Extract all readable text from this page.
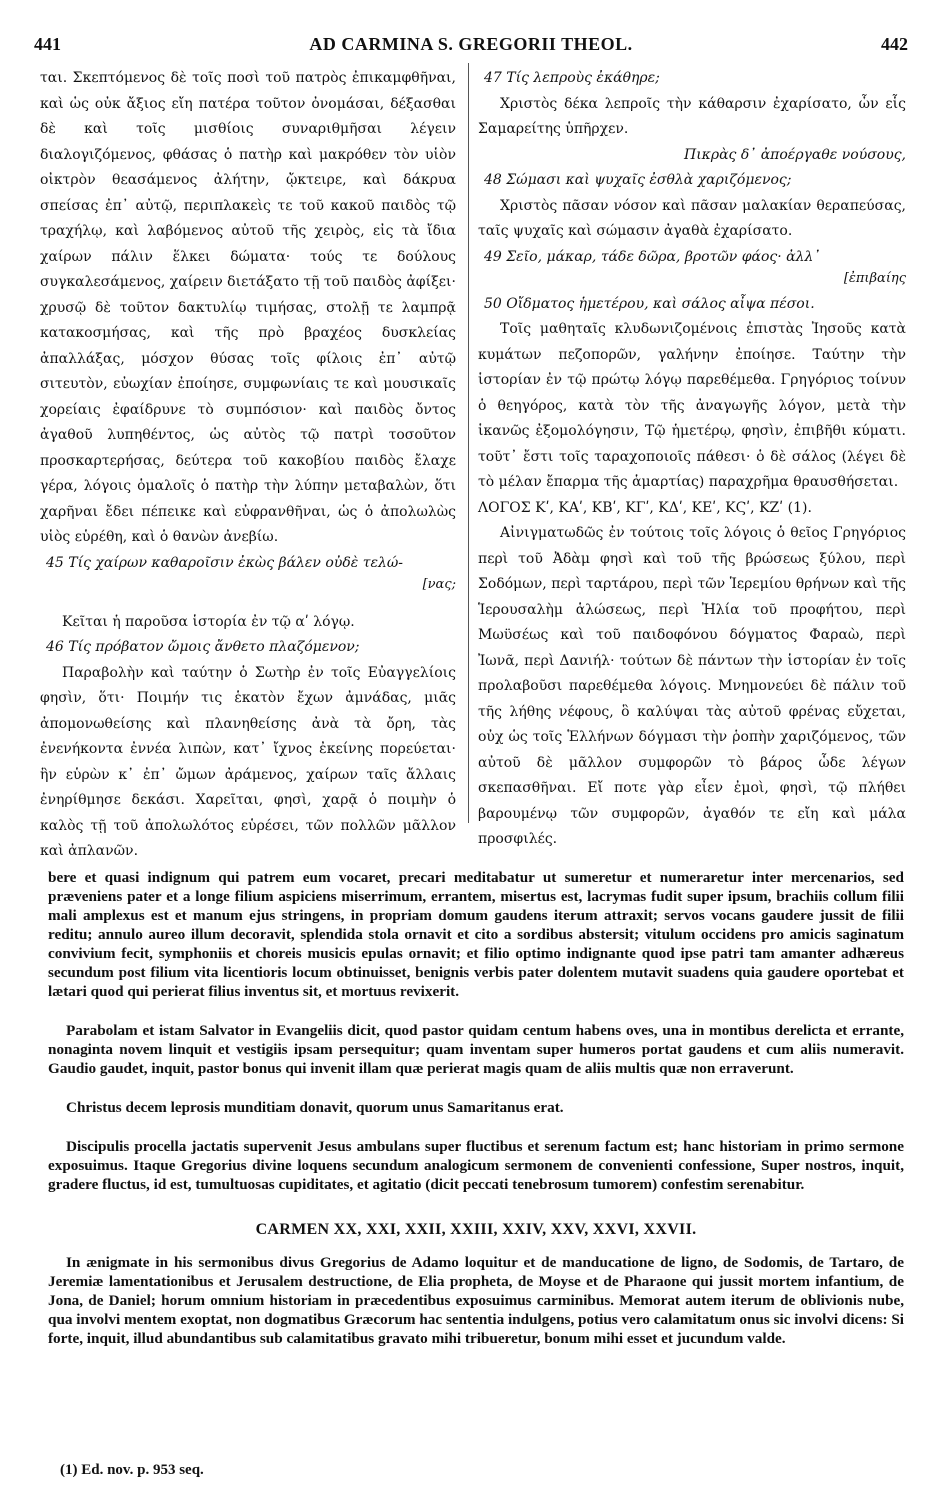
441	AD CARMINA S. GREGORII THEOL.	442

ται. Σκεπτόμενος δὲ τοῖς ποσὶ τοῦ πατρὸς ἐπικαμφθῆναι, καὶ ὡς οὐκ ἄξιος εἴη πατέρα τοῦτον ὀνομάσαι, δέξασθαι δὲ καὶ τοῖς μισθίοις συναριθμῆσαι λέγειν διαλογιζόμενος, φθάσας ὁ πατὴρ καὶ μακρόθεν τὸν υἱὸν οἰκτρὸν θεασάμενος ἀλήτην, ᾤκτειρε, καὶ δάκρυα σπείσας ἐπ᾽ αὐτῷ, περιπλακεὶς τε τοῦ κακοῦ παιδὸς τῷ τραχήλῳ, καὶ λαβόμενος αὐτοῦ τῆς χειρὸς, εἰς τὰ ἴδια χαίρων πάλιν ἕλκει δώματα· τούς τε δούλους συγκαλεσάμενος, χαίρειν διετάξατο τῇ τοῦ παιδὸς ἀφίξει· χρυσῷ δὲ τοῦτον δακτυλίῳ τιμήσας, στολῇ τε λαμπρᾷ κατακοσμήσας, καὶ τῆς πρὸ βραχέος δυσκλείας ἀπαλλάξας, μόσχον θύσας τοῖς φίλοις ἐπ᾽ αὐτῷ σιτευτὸν, εὐωχίαν ἐποίησε, συμφωνίαις τε καὶ μουσικαῖς χορείαις ἐφαίδρυνε τὸ συμπόσιον· καὶ παιδὸς ὄντος ἀγαθοῦ λυπηθέντος, ὡς αὐτὸς τῷ πατρὶ τοσοῦτον προσκαρτερήσας, δεύτερα τοῦ κακοβίου παιδὸς ἔλαχε γέρα, λόγοις ὁμαλοῖς ὁ πατὴρ τὴν λύπην μεταβαλὼν, ὅτι χαρῆναι ἔδει πέπεικε καὶ εὐφρανθῆναι, ὡς ὁ ἀπολωλὼς υἱὸς εὑρέθη, καὶ ὁ θανὼν ἀνεβίω.

45 Τίς χαίρων καθαροῖσιν ἐκὼς βάλεν οὐδὲ τελώ-

[νας;

Κεῖται ἡ παροῦσα ἱστορία ἐν τῷ αʹ λόγῳ.

46 Τίς πρόβατον ὤμοις ἄνθετο πλαζόμενον;

Παραβολὴν καὶ ταύτην ὁ Σωτὴρ ἐν τοῖς Εὐαγγελίοις φησὶν, ὅτι· Ποιμήν τις ἑκατὸν ἔχων ἀμνάδας, μιᾶς ἀπομονωθείσης καὶ πλανηθείσης ἀνὰ τὰ ὄρη, τὰς ἐνενήκοντα ἐννέα λιπὼν, κατ᾽ ἴχνος ἐκείνης πορεύεται· ἣν εὑρὼν κ᾽ ἐπ᾽ ὤμων ἀράμενος, χαίρων ταῖς ἄλλαις ἐνηρίθμησε δεκάσι. Χαρεῖται, φησὶ, χαρᾷ ὁ ποιμὴν ὁ καλὸς τῇ τοῦ ἀπολωλότος εὑρέσει, τῶν πολλῶν μᾶλλον καὶ ἀπλανῶν.

47 Τίς λεπροὺς ἐκάθηρε;

Χριστὸς δέκα λεπροῖς τὴν κάθαρσιν ἐχαρίσατο, ὧν εἷς Σαμαρείτης ὑπῆρχεν.

Πικρὰς δ᾽ ἀποέργαθε νούσους,

48 Σώμασι καὶ ψυχαῖς ἐσθλὰ χαριζόμενος;

Χριστὸς πᾶσαν νόσον καὶ πᾶσαν μαλακίαν θεραπεύσας, ταῖς ψυχαῖς καὶ σώμασιν ἀγαθὰ ἐχαρίσατο.

49 Σεῖο, μάκαρ, τάδε δῶρα, βροτῶν φάος· ἀλλ᾽

[ἐπιβαίης

50 Οἴδματος ἡμετέρου, καὶ σάλος αἶψα πέσοι.

Τοῖς μαθηταῖς κλυδωνιζομένοις ἐπιστὰς Ἰησοῦς κατὰ κυμάτων πεζοπορῶν, γαλήνην ἐποίησε. Ταύτην τὴν ἱστορίαν ἐν τῷ πρώτῳ λόγῳ παρεθέμεθα. Γρηγόριος τοίνυν ὁ θεηγόρος, κατὰ τὸν τῆς ἀναγωγῆς λόγον, μετὰ τὴν ἱκανῶς ἐξομολόγησιν, Τῷ ἡμετέρῳ, φησὶν, ἐπιβῆθι κύματι. τοῦτ᾽ ἔστι τοῖς ταραχοποιοῖς πάθεσι· ὁ δὲ σάλος (λέγει δὲ τὸ μέλαν ἔπαρμα τῆς ἁμαρτίας) παραχρῆμα θραυσθήσεται.

ΛΟΓΟΣ Κʹ, ΚΑʹ, ΚΒʹ, ΚΓʹ, ΚΔʹ, ΚΕʹ, ΚϚʹ, ΚΖʹ (1).

Αἰνιγματωδῶς ἐν τούτοις τοῖς λόγοις ὁ θεῖος Γρηγόριος περὶ τοῦ Ἀδὰμ φησὶ καὶ τοῦ τῆς βρώσεως ξύλου, περὶ Σοδόμων, περὶ ταρτάρου, περὶ τῶν Ἱερεμίου θρήνων καὶ τῆς Ἱερουσαλὴμ ἁλώσεως, περὶ Ἠλία τοῦ προφήτου, περὶ Μωϋσέως καὶ τοῦ παιδοφόνου δόγματος Φαραὼ, περὶ Ἰωνᾶ, περὶ Δανιήλ· τούτων δὲ πάντων τὴν ἱστορίαν ἐν τοῖς προλαβοῦσι παρεθέμεθα λόγοις. Μνημονεύει δὲ πάλιν τοῦ τῆς λήθης νέφους, ὃ καλύψαι τὰς αὐτοῦ φρένας εὔχεται, οὐχ ὡς τοῖς Ἑλλήνων δόγμασι τὴν ῥοπὴν χαριζόμενος, τῶν αὐτοῦ δὲ μᾶλλον συμφορῶν τὸ βάρος ὧδε λέγων σκεπασθῆναι. Εἴ ποτε γὰρ εἶεν ἐμοὶ, φησὶ, τῷ πλήθει βαρουμένῳ τῶν συμφορῶν, ἀγαθόν τε εἴη καὶ μάλα προσφιλές.

bere et quasi indignum qui patrem eum vocaret, precari meditabatur ut sumeretur et numeraretur inter mercenarios, sed præveniens pater et a longe filium aspiciens miserrimum, errantem, misertus est, lacrymas fudit super ipsum, brachiis collum filii mali amplexus est et manum ejus stringens, in propriam domum gaudens iterum attraxit; servos vocans gaudere jussit de filii reditu; annulo aureo illum decoravit, splendida stola ornavit et cito a sordibus abstersit; vitulum occidens pro amicis saginatum convivium fecit, symphoniis et choreis musicis epulas ornavit; et filio optimo indignante quod ipse patri tam amanter adhæreus secundum post filium vita licentioris locum obtinuisset, benignis verbis pater dolentem mutavit suadens quia gaudere oportebat et lætari quod qui perierat filius inventus sit, et mortuus revixerit.

Parabolam et istam Salvator in Evangeliis dicit, quod pastor quidam centum habens oves, una in montibus derelicta et errante, nonaginta novem linquit et vestigiis ipsam persequitur; quam inventam super humeros portat gaudens et cum aliis numeravit. Gaudio gaudet, inquit, pastor bonus qui invenit illam quæ perierat magis quam de aliis multis quæ non erraverunt.

Christus decem leprosis munditiam donavit, quorum unus Samaritanus erat.

Discipulis procella jactatis supervenit Jesus ambulans super fluctibus et serenum factum est; hanc historiam in primo sermone exposuimus. Itaque Gregorius divine loquens secundum analogicum sermonem de convenienti confessione, Super nostros, inquit, gradere fluctus, id est, tumultuosas cupiditates, et agitatio (dicit peccati tenebrosum tumorem) confestim serenabitur.

CARMEN XX, XXI, XXII, XXIII, XXIV, XXV, XXVI, XXVII.

In ænigmate in his sermonibus divus Gregorius de Adamo loquitur et de manducatione de ligno, de Sodomis, de Tartaro, de Jeremiæ lamentationibus et Jerusalem destructione, de Elia propheta, de Moyse et de Pharaone qui jussit mortem infantium, de Jona, de Daniel; horum omnium historiam in præcedentibus exposuimus carminibus. Memorat autem iterum de oblivionis nube, qua involvi mentem exoptat, non dogmatibus Græcorum hac sententia indulgens, potius vero calamitatum onus sic involvi dicens: Si forte, inquit, illud abundantibus sub calamitatibus gravato mihi tribueretur, bonum mihi esset et jucundum valde.

(1) Ed. nov. p. 953 seq.
